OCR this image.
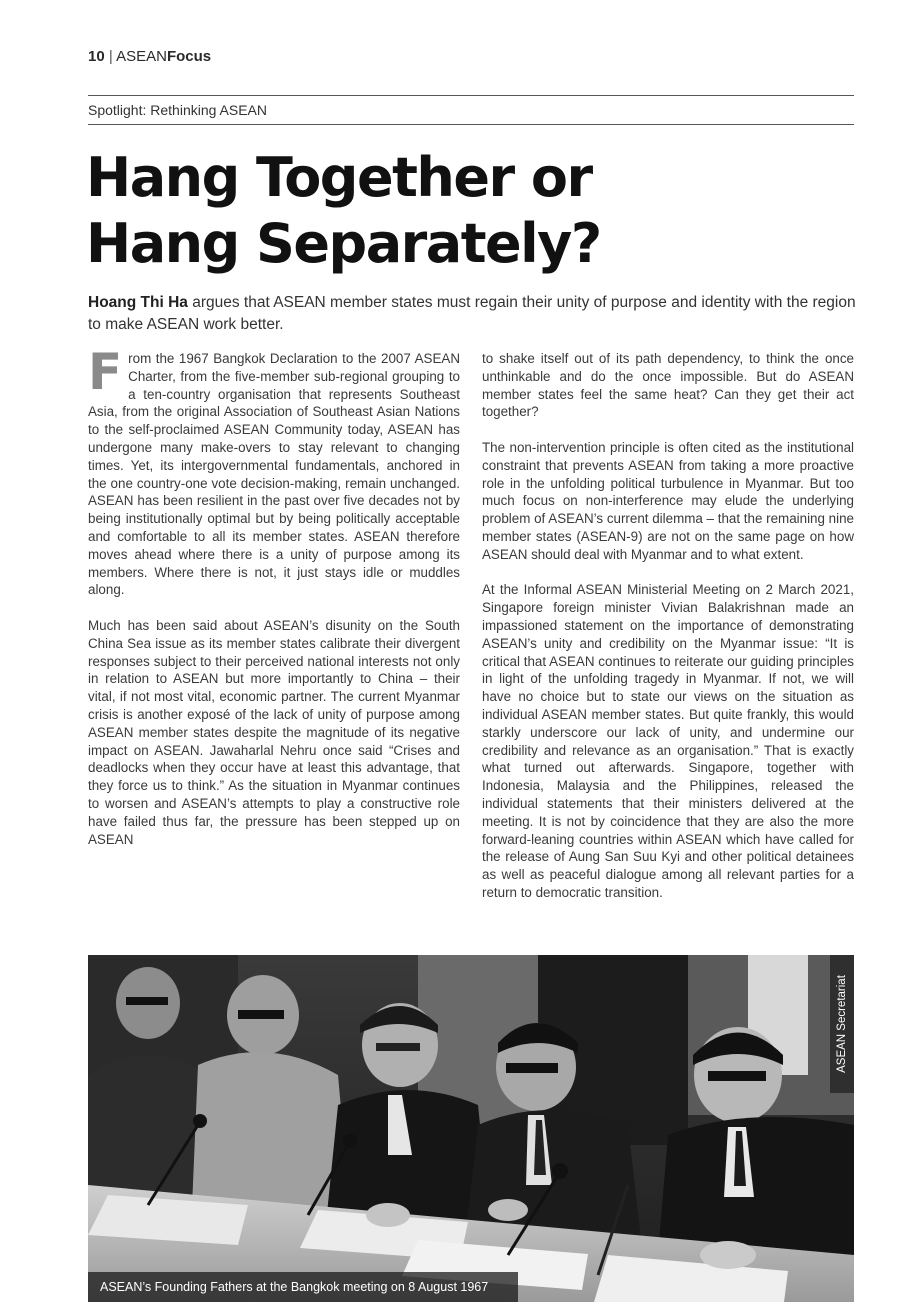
10 | ASEANFocus
Spotlight: Rethinking ASEAN
Hang Together or
Hang Separately?

Hoang Thi Ha argues that ASEAN member states must regain their unity of purpose and identity with the region to make ASEAN work better.

From the 1967 Bangkok Declaration to the 2007 ASEAN Charter, from the five-member sub-regional grouping to a ten-country organisation that represents Southeast Asia, from the original Association of Southeast Asian Nations to the self-proclaimed ASEAN Community today, ASEAN has undergone many make-overs to stay relevant to changing times. Yet, its intergovernmental fundamentals, anchored in the one country-one vote decision-making, remain unchanged. ASEAN has been resilient in the past over five decades not by being institutionally optimal but by being politically acceptable and comfortable to all its member states. ASEAN therefore moves ahead where there is a unity of purpose among its members. Where there is not, it just stays idle or muddles along.

Much has been said about ASEAN’s disunity on the South China Sea issue as its member states calibrate their divergent responses subject to their perceived national interests not only in relation to ASEAN but more importantly to China – their vital, if not most vital, economic partner. The current Myanmar crisis is another exposé of the lack of unity of purpose among ASEAN member states despite the magnitude of its negative impact on ASEAN. Jawaharlal Nehru once said “Crises and deadlocks when they occur have at least this advantage, that they force us to think.” As the situation in Myanmar continues to worsen and ASEAN’s attempts to play a constructive role have failed thus far, the pressure has been stepped up on ASEAN

to shake itself out of its path dependency, to think the once unthinkable and do the once impossible. But do ASEAN member states feel the same heat? Can they get their act together?

The non-intervention principle is often cited as the institutional constraint that prevents ASEAN from taking a more proactive role in the unfolding political turbulence in Myanmar. But too much focus on non-interference may elude the underlying problem of ASEAN’s current dilemma – that the remaining nine member states (ASEAN-9) are not on the same page on how ASEAN should deal with Myanmar and to what extent.

At the Informal ASEAN Ministerial Meeting on 2 March 2021, Singapore foreign minister Vivian Balakrishnan made an impassioned statement on the importance of demonstrating ASEAN’s unity and credibility on the Myanmar issue: “It is critical that ASEAN continues to reiterate our guiding principles in light of the unfolding tragedy in Myanmar. If not, we will have no choice but to state our views on the situation as individual ASEAN member states. But quite frankly, this would starkly underscore our lack of unity, and undermine our credibility and relevance as an organisation.” That is exactly what turned out afterwards. Singapore, together with Indonesia, Malaysia and the Philippines, released the individual statements that their ministers delivered at the meeting. It is not by coincidence that they are also the more forward-leaning countries within ASEAN which have called for the release of Aung San Suu Kyi and other political detainees as well as peaceful dialogue among all relevant parties for a return to democratic transition.

ASEAN Secretariat
ASEAN’s Founding Fathers at the Bangkok meeting on 8 August 1967
